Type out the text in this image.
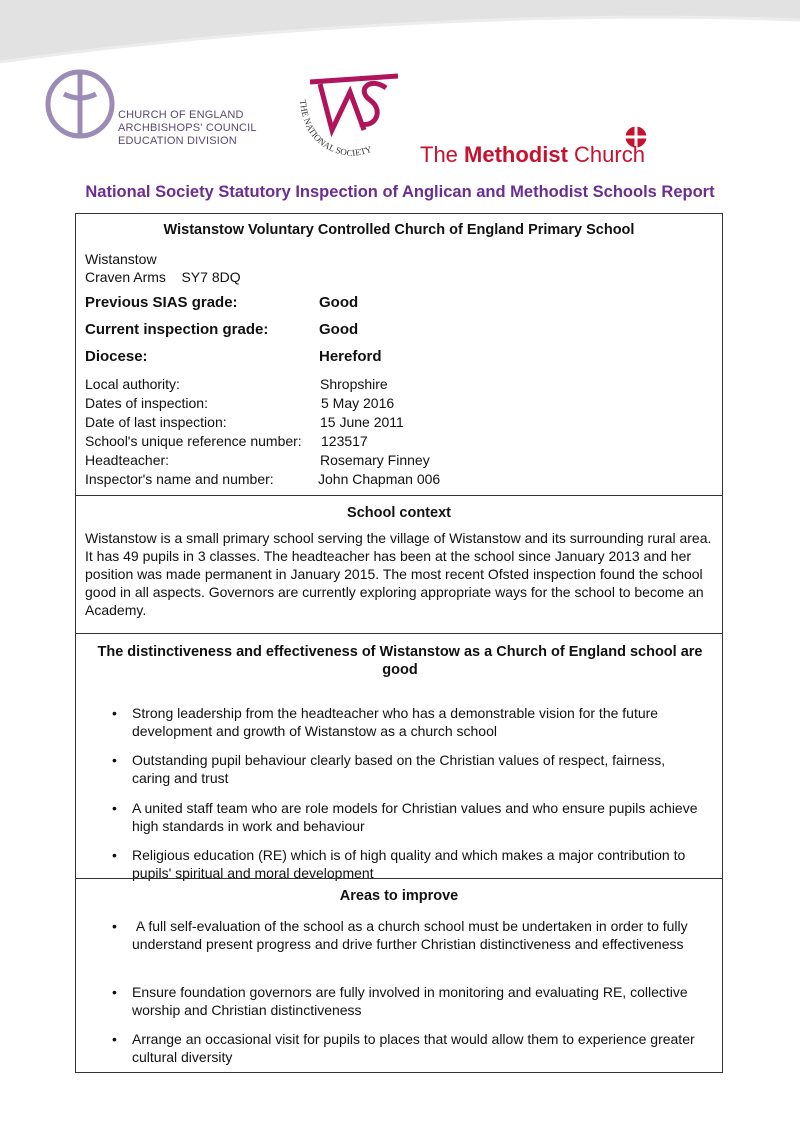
CHURCH OF ENGLAND
ARCHBISHOPS' COUNCIL
EDUCATION DIVISION
THE NATIONAL SOCIETY The Methodist Church
National Society Statutory Inspection of Anglican and Methodist Schools Report
Wistanstow Voluntary Controlled Church of England Primary School
Wistanstow
Craven Arms    SY7 8DQ
Previous SIAS grade:	Good
Current inspection grade:	Good
Diocese:	Hereford
Local authority:	Shropshire
Dates of inspection:	5 May 2016
Date of last inspection:	15 June 2011
School's unique reference number: 123517
Headteacher:	Rosemary Finney
Inspector's name and number:	John Chapman 006
School context
Wistanstow is a small primary school serving the village of Wistanstow and its surrounding rural area. It has 49 pupils in 3 classes. The headteacher has been at the school since January 2013 and her position was made permanent in January 2015. The most recent Ofsted inspection found the school good in all aspects. Governors are currently exploring appropriate ways for the school to become an Academy.
The distinctiveness and effectiveness of Wistanstow as a Church of England school are good
• Strong leadership from the headteacher who has a demonstrable vision for the future development and growth of Wistanstow as a church school
• Outstanding pupil behaviour clearly based on the Christian values of respect, fairness, caring and trust
• A united staff team who are role models for Christian values and who ensure pupils achieve high standards in work and behaviour
• Religious education (RE) which is of high quality and which makes a major contribution to pupils' spiritual and moral development
Areas to improve
• A full self-evaluation of the school as a church school must be undertaken in order to fully  understand present progress and drive further Christian distinctiveness and effectiveness
• Ensure foundation governors are fully involved in monitoring and evaluating RE, collective worship and Christian distinctiveness
• Arrange an occasional visit for pupils to places that would allow them to experience greater cultural diversity
